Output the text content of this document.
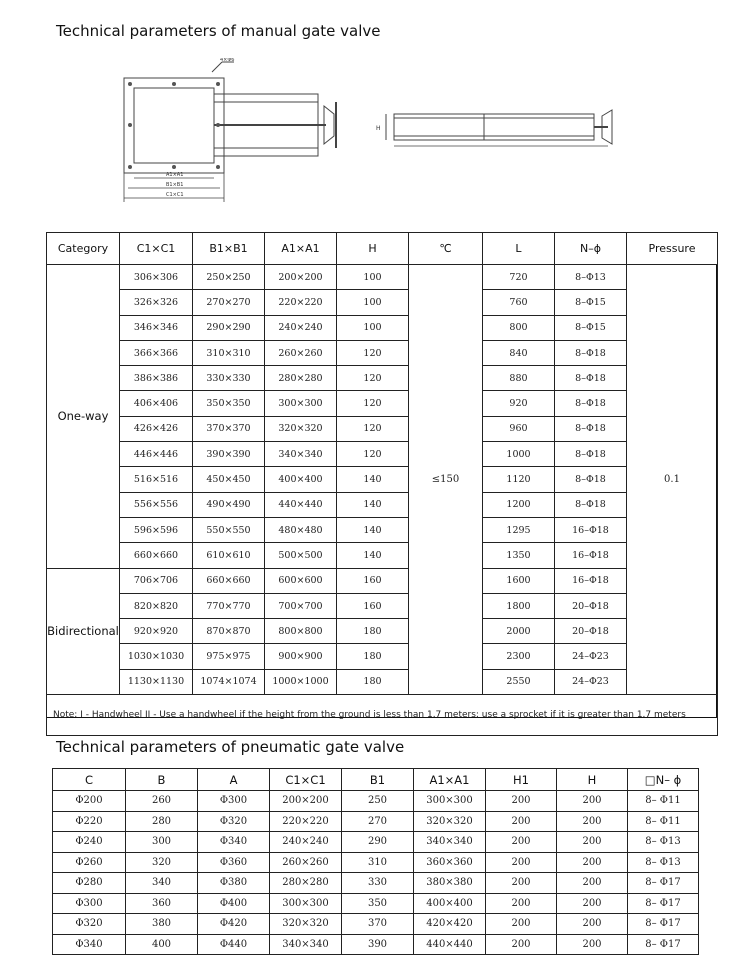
Technical parameters of manual gate valve
4×Φ6
A1×A1
B1×B1
C1×C1
H
Category	C1×C1	B1×B1	A1×A1	H	℃	L	N–ϕ	Pressure
One-way	306×306	250×250	200×200	100	≤150	720	8–Φ13	0.1
	326×326	270×270	220×220	100		760	8–Φ15	
	346×346	290×290	240×240	100		800	8–Φ15	
	366×366	310×310	260×260	120		840	8–Φ18	
	386×386	330×330	280×280	120		880	8–Φ18	
	406×406	350×350	300×300	120		920	8–Φ18	
	426×426	370×370	320×320	120		960	8–Φ18	
	446×446	390×390	340×340	120		1000	8–Φ18	
	516×516	450×450	400×400	140		1120	8–Φ18	
	556×556	490×490	440×440	140		1200	8–Φ18	
	596×596	550×550	480×480	140		1295	16–Φ18	
	660×660	610×610	500×500	140		1350	16–Φ18	
Bidirectional	706×706	660×660	600×600	160		1600	16–Φ18	
	820×820	770×770	700×700	160		1800	20–Φ18	
	920×920	870×870	800×800	180		2000	20–Φ18	
	1030×1030	975×975	900×900	180		2300	24–Φ23	
	1130×1130	1074×1074	1000×1000	180		2550	24–Φ23	
Note: I - Handwheel II - Use a handwheel if the height from the ground is less than 1.7 meters; use a sprocket if it is greater than 1.7 meters								
Technical parameters of pneumatic gate valve
C	B	A	C1×C1	B1	A1×A1	H1	H	□N– ϕ
Φ200	260	Φ300	200×200	250	300×300	200	200	8– Φ11
Φ220	280	Φ320	220×220	270	320×320	200	200	8– Φ11
Φ240	300	Φ340	240×240	290	340×340	200	200	8– Φ13
Φ260	320	Φ360	260×260	310	360×360	200	200	8– Φ13
Φ280	340	Φ380	280×280	330	380×380	200	200	8– Φ17
Φ300	360	Φ400	300×300	350	400×400	200	200	8– Φ17
Φ320	380	Φ420	320×320	370	420×420	200	200	8– Φ17
Φ340	400	Φ440	340×340	390	440×440	200	200	8– Φ17
